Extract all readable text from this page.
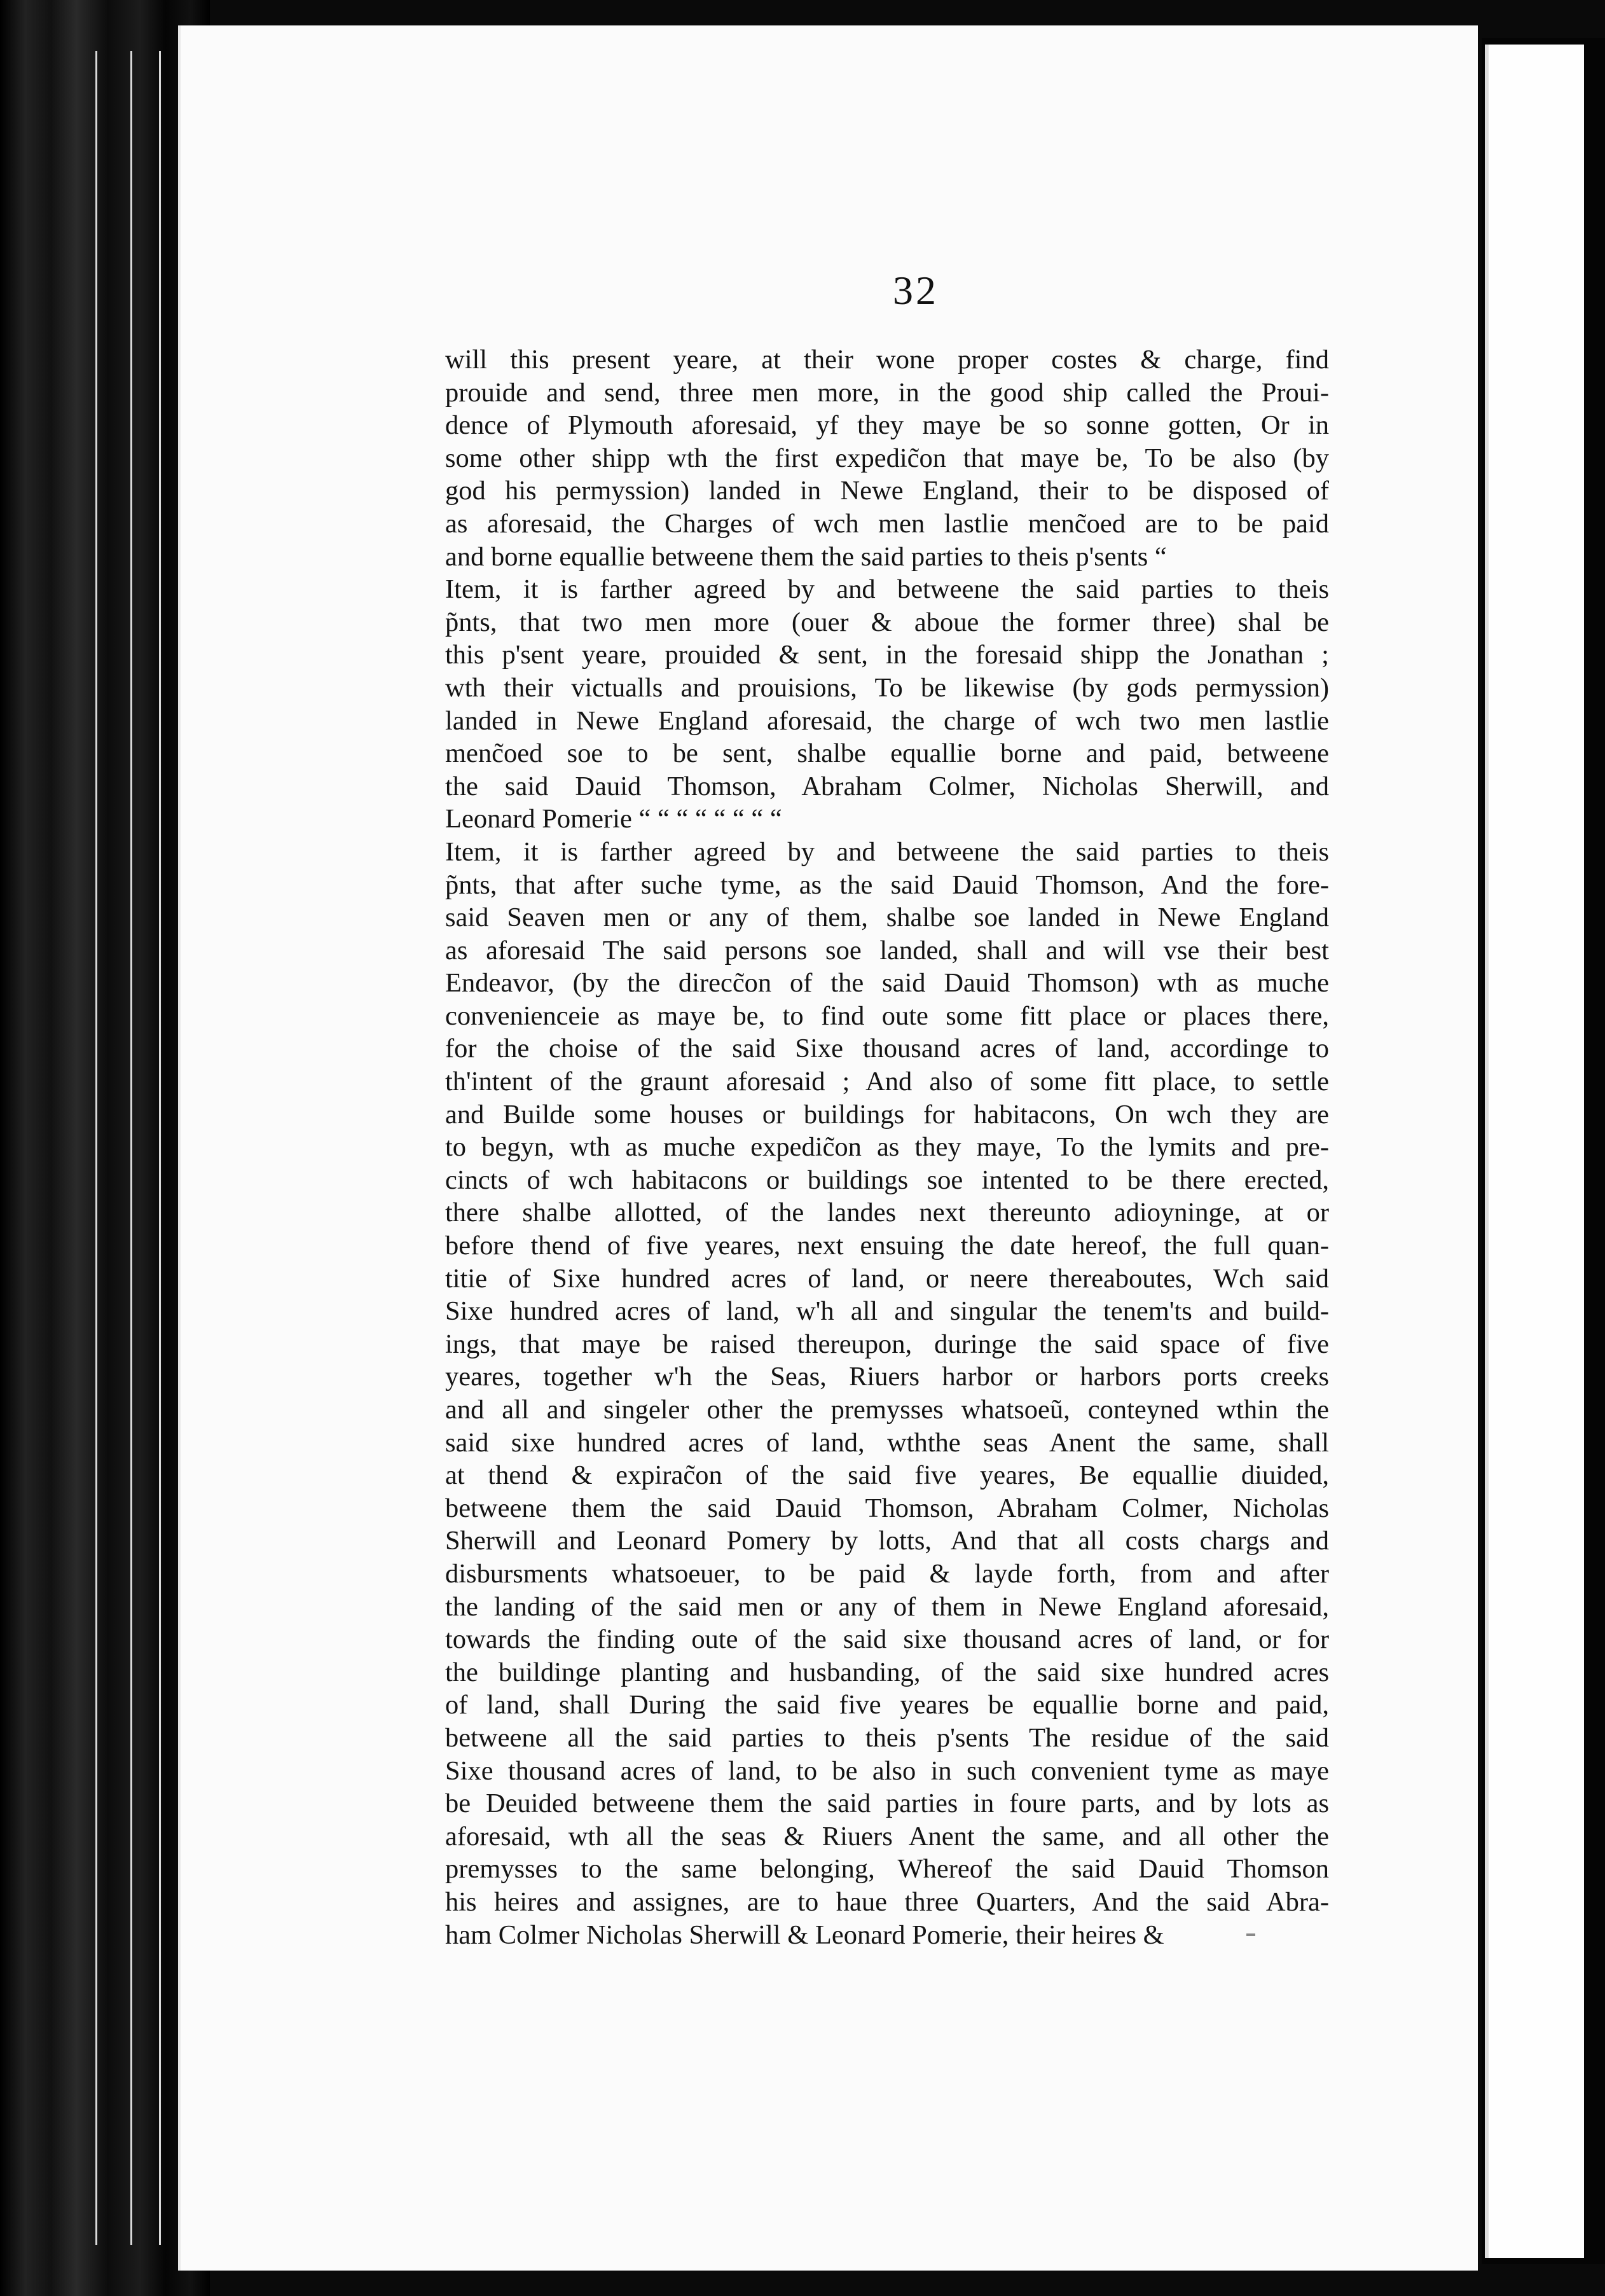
32
will this present yeare, at their wone proper costes & charge, find
prouide and send, three men more, in the good ship called the Proui-
dence of Plymouth aforesaid, yf they maye be so sonne gotten, Or in
some other shipp wth the first expedic̃on that maye be, To be also (by
god his permyssion) landed in Newe England, their to be disposed of
as aforesaid, the Charges of wch men lastlie menc̃oed are to be paid
and borne equallie betweene them the said parties to theis p'sents “
Item, it is farther agreed by and betweene the said parties to theis
p̃nts, that two men more (ouer & aboue the former three) shal be
this p'sent yeare, prouided & sent, in the foresaid shipp the Jonathan ;
wth their victualls and prouisions, To be likewise (by gods permyssion)
landed in Newe England aforesaid, the charge of wch two men lastlie
menc̃oed soe to be sent, shalbe equallie borne and paid, betweene
the said Dauid Thomson, Abraham Colmer, Nicholas Sherwill, and
Leonard Pomerie “ “ “ “ “ “ “ “
Item, it is farther agreed by and betweene the said parties to theis
p̃nts, that after suche tyme, as the said Dauid Thomson, And the fore-
said Seaven men or any of them, shalbe soe landed in Newe England
as aforesaid The said persons soe landed, shall and will vse their best
Endeavor, (by the direcc̃on of the said Dauid Thomson) wth as muche
convenienceie as maye be, to find oute some fitt place or places there,
for the choise of the said Sixe thousand acres of land, accordinge to
th'intent of the graunt aforesaid ; And also of some fitt place, to settle
and Builde some houses or buildings for habitacons, On wch they are
to begyn, wth as muche expedic̃on as they maye, To the lymits and pre-
cincts of wch habitacons or buildings soe intented to be there erected,
there shalbe allotted, of the landes next thereunto adioyninge, at or
before thend of five yeares, next ensuing the date hereof, the full quan-
titie of Sixe hundred acres of land, or neere thereaboutes, Wch said
Sixe hundred acres of land, w'h all and singular the tenem'ts and build-
ings, that maye be raised thereupon, duringe the said space of five
yeares, together w'h the Seas, Riuers harbor or harbors ports creeks
and all and singeler other the premysses whatsoeũ, conteyned wthin the
said sixe hundred acres of land, wththe seas Anent the same, shall
at thend & expirac̃on of the said five yeares, Be equallie diuided,
betweene them the said Dauid Thomson, Abraham Colmer, Nicholas
Sherwill and Leonard Pomery by lotts, And that all costs chargs and
disbursments whatsoeuer, to be paid & layde forth, from and after
the landing of the said men or any of them in Newe England aforesaid,
towards the finding oute of the said sixe thousand acres of land, or for
the buildinge planting and husbanding, of the said sixe hundred acres
of land, shall During the said five yeares be equallie borne and paid,
betweene all the said parties to theis p'sents The residue of the said
Sixe thousand acres of land, to be also in such convenient tyme as maye
be Deuided betweene them the said parties in foure parts, and by lots as
aforesaid, wth all the seas & Riuers Anent the same, and all other the
premysses to the same belonging, Whereof the said Dauid Thomson
his heires and assignes, are to haue three Quarters, And the said Abra-
ham Colmer Nicholas Sherwill & Leonard Pomerie, their heires &
